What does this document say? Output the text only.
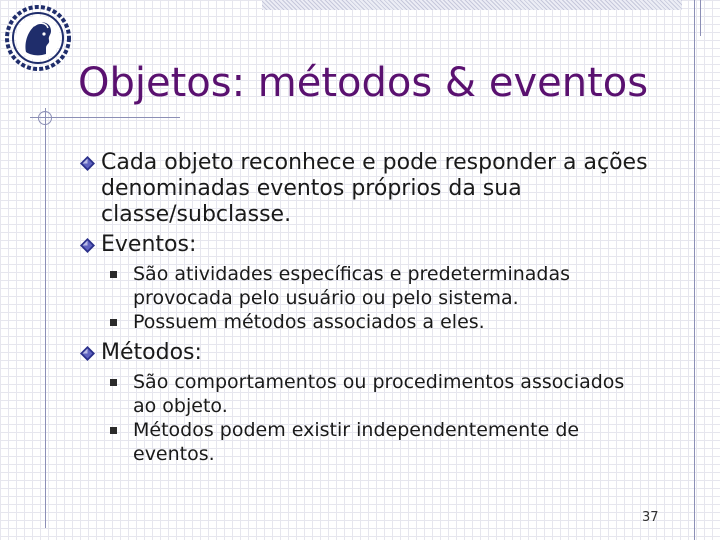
Objetos: métodos & eventos
Cada objeto reconhece e pode responder a ações denominadas eventos próprios da sua classe/subclasse.
Eventos:
São atividades específicas e predeterminadas provocada pelo usuário ou pelo sistema.
Possuem métodos associados a eles.
Métodos:
São comportamentos ou procedimentos associados ao objeto.
Métodos podem existir independentemente de eventos.
37
